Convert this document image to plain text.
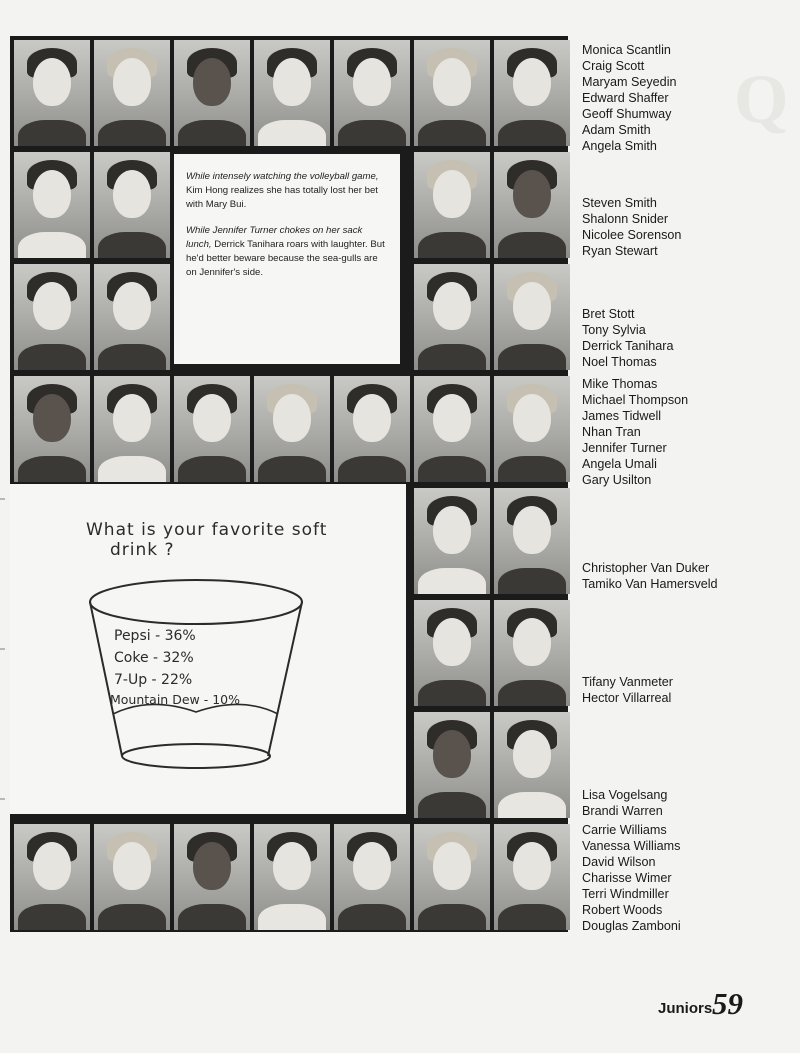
Q

While intensely watching the volleyball game, Kim Hong realizes she has totally lost her bet with Mary Bui.

While Jennifer Turner chokes on her sack lunch, Derrick Tanihara roars with laughter. But he'd better beware because the sea-gulls are on Jennifer's side.

What is your favorite soft
drink ?
Pepsi - 36%
Coke - 32%
7-Up - 22%
Mountain Dew - 10%
Monica Scantlin
Craig Scott
Maryam Seyedin
Edward Shaffer
Geoff Shumway
Adam Smith
Angela Smith
Steven Smith
Shalonn Snider
Nicolee Sorenson
Ryan Stewart
Bret Stott
Tony Sylvia
Derrick Tanihara
Noel Thomas
Mike Thomas
Michael Thompson
James Tidwell
Nhan Tran
Jennifer Turner
Angela Umali
Gary Usilton
Christopher Van Duker
Tamiko Van Hamersveld
Tifany Vanmeter
Hector Villarreal
Lisa Vogelsang
Brandi Warren
Carrie Williams
Vanessa Williams
David Wilson
Charisse Wimer
Terri Windmiller
Robert Woods
Douglas Zamboni
Juniors 59
